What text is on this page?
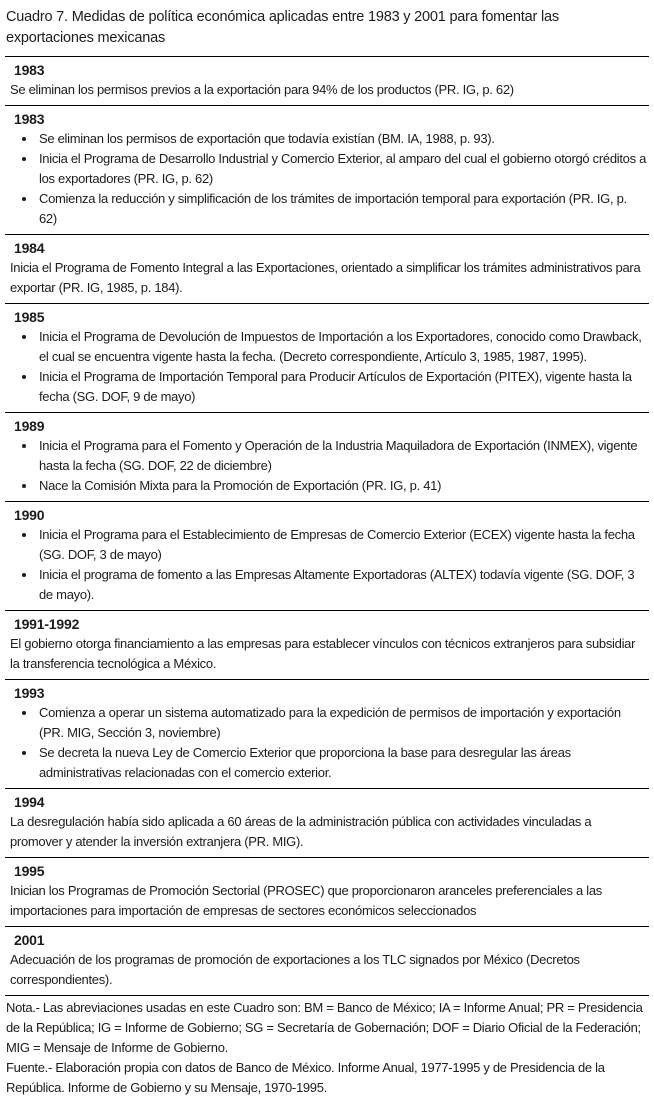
Cuadro 7. Medidas de política económica aplicadas entre 1983 y 2001 para fomentar las exportaciones mexicanas
1983
Se eliminan los permisos previos a la exportación para 94% de los productos (PR. IG, p. 62)
1983
• Se eliminan los permisos de exportación que todavía existían (BM. IA, 1988, p. 93).
• Inicia el Programa de Desarrollo Industrial y Comercio Exterior, al amparo del cual el gobierno otorgó créditos a los exportadores (PR. IG, p. 62)
• Comienza la reducción y simplificación de los trámites de importación temporal para exportación (PR. IG, p. 62)
1984
Inicia el Programa de Fomento Integral a las Exportaciones, orientado a simplificar los trámites administrativos para exportar (PR. IG, 1985, p. 184).
1985
• Inicia el Programa de Devolución de Impuestos de Importación a los Exportadores, conocido como Drawback, el cual se encuentra vigente hasta la fecha. (Decreto correspondiente, Artículo 3, 1985, 1987, 1995).
• Inicia el Programa de Importación Temporal para Producir Artículos de Exportación (PITEX), vigente hasta la fecha (SG. DOF, 9 de mayo)
1989
• Inicia el Programa para el Fomento y Operación de la Industria Maquiladora de Exportación (INMEX), vigente hasta la fecha (SG. DOF, 22 de diciembre)
• Nace la Comisión Mixta para la Promoción de Exportación (PR. IG, p. 41)
1990
• Inicia el Programa para el Establecimiento de Empresas de Comercio Exterior (ECEX) vigente hasta la fecha (SG. DOF, 3 de mayo)
• Inicia el programa de fomento a las Empresas Altamente Exportadoras (ALTEX) todavía vigente (SG. DOF, 3 de mayo).
1991-1992
El gobierno otorga financiamiento a las empresas para establecer vínculos con técnicos extranjeros para subsidiar la transferencia tecnológica a México.
1993
• Comienza a operar un sistema automatizado para la expedición de permisos de importación y exportación (PR. MIG, Sección 3, noviembre)
• Se decreta la nueva Ley de Comercio Exterior que proporciona la base para desregular las áreas administrativas relacionadas con el comercio exterior.
1994
La desregulación había sido aplicada a 60 áreas de la administración pública con actividades vinculadas a promover y atender la inversión extranjera (PR. MIG).
1995
Inician los Programas de Promoción Sectorial (PROSEC) que proporcionaron aranceles preferenciales a las importaciones para importación de empresas de sectores económicos seleccionados
2001
Adecuación de los programas de promoción de exportaciones a los TLC signados por México (Decretos correspondientes).
Nota.- Las abreviaciones usadas en este Cuadro son: BM = Banco de México; IA = Informe Anual; PR = Presidencia de la República; IG = Informe de Gobierno; SG = Secretaría de Gobernación; DOF = Diario Oficial de la Federación; MIG = Mensaje de Informe de Gobierno.
Fuente.- Elaboración propia con datos de Banco de México. Informe Anual, 1977-1995 y de Presidencia de la República. Informe de Gobierno y su Mensaje, 1970-1995.
